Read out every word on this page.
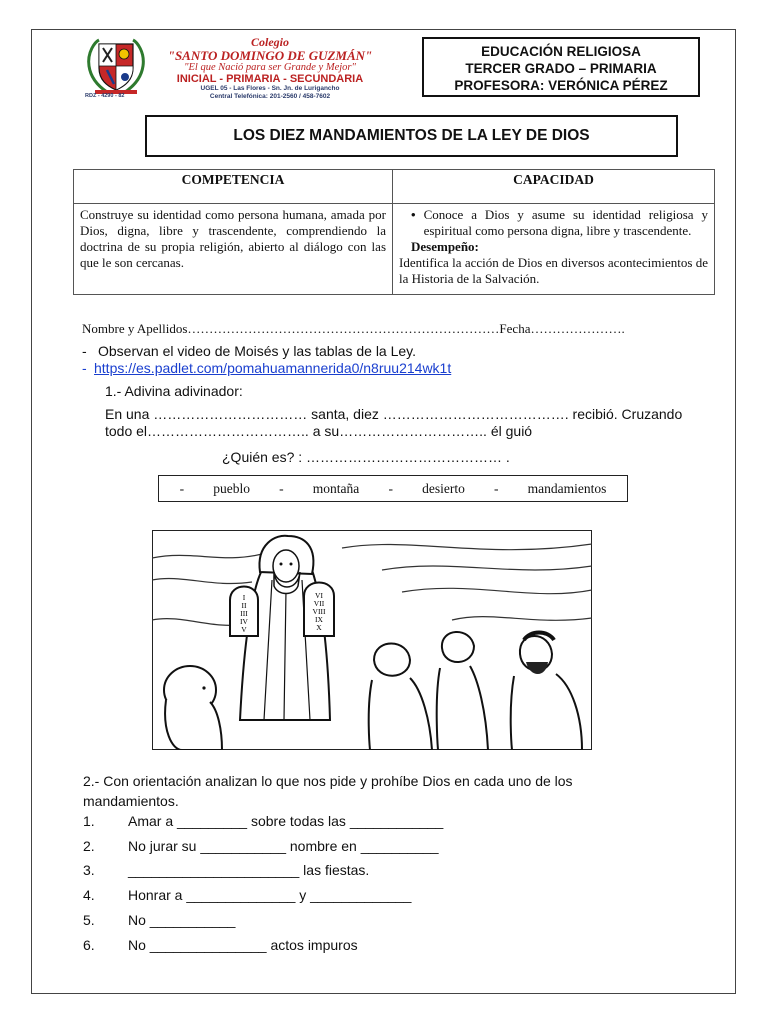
RDZ - 4290 - 82
Colegio
"SANTO DOMINGO DE GUZMÁN"
"El que Nació para ser Grande y Mejor"
INICIAL - PRIMARIA - SECUNDARIA
UGEL 05 - Las Flores - Sn. Jn. de Lurigancho
Central Telefónica: 201-2560 / 458-7602
EDUCACIÓN RELIGIOSA
TERCER GRADO – PRIMARIA
PROFESORA: VERÓNICA PÉREZ
LOS DIEZ MANDAMIENTOS DE LA LEY DE DIOS
COMPETENCIA	CAPACIDAD

Construye su identidad como persona humana, amada por Dios, digna, libre y trascendente, comprendiendo la doctrina de su propia religión, abierto al diálogo con las que le son cercanas.	• Conoce a Dios y asume su identidad religiosa y espiritual como persona digna, libre y trascendente.
Desempeño:
Identifica la acción de Dios en diversos acontecimientos de la Historia de la Salvación.
Nombre y Apellidos………………………………………………………………Fecha………………….
- Observan el video de Moisés y las tablas de la Ley.
- https://es.padlet.com/pomahuamannerida0/n8ruu214wk1t
1.- Adivina adivinador:
En una …………………………… santa, diez …………………………………. recibió. Cruzando
todo el…………………………….. a su………………………….. él guió
¿Quién es? : …………………………………… .
- pueblo - montaña - desierto - mandamientos
I II III IV V
VI VII VIII IX X
2.- Con orientación analizan lo que nos pide y prohíbe Dios en cada uno de los
mandamientos.
1. Amar a _________ sobre todas las ____________
2. No jurar su ___________ nombre en __________
3. ______________________ las fiestas.
4. Honrar a ______________ y _____________
5. No ___________
6. No _______________ actos impuros
